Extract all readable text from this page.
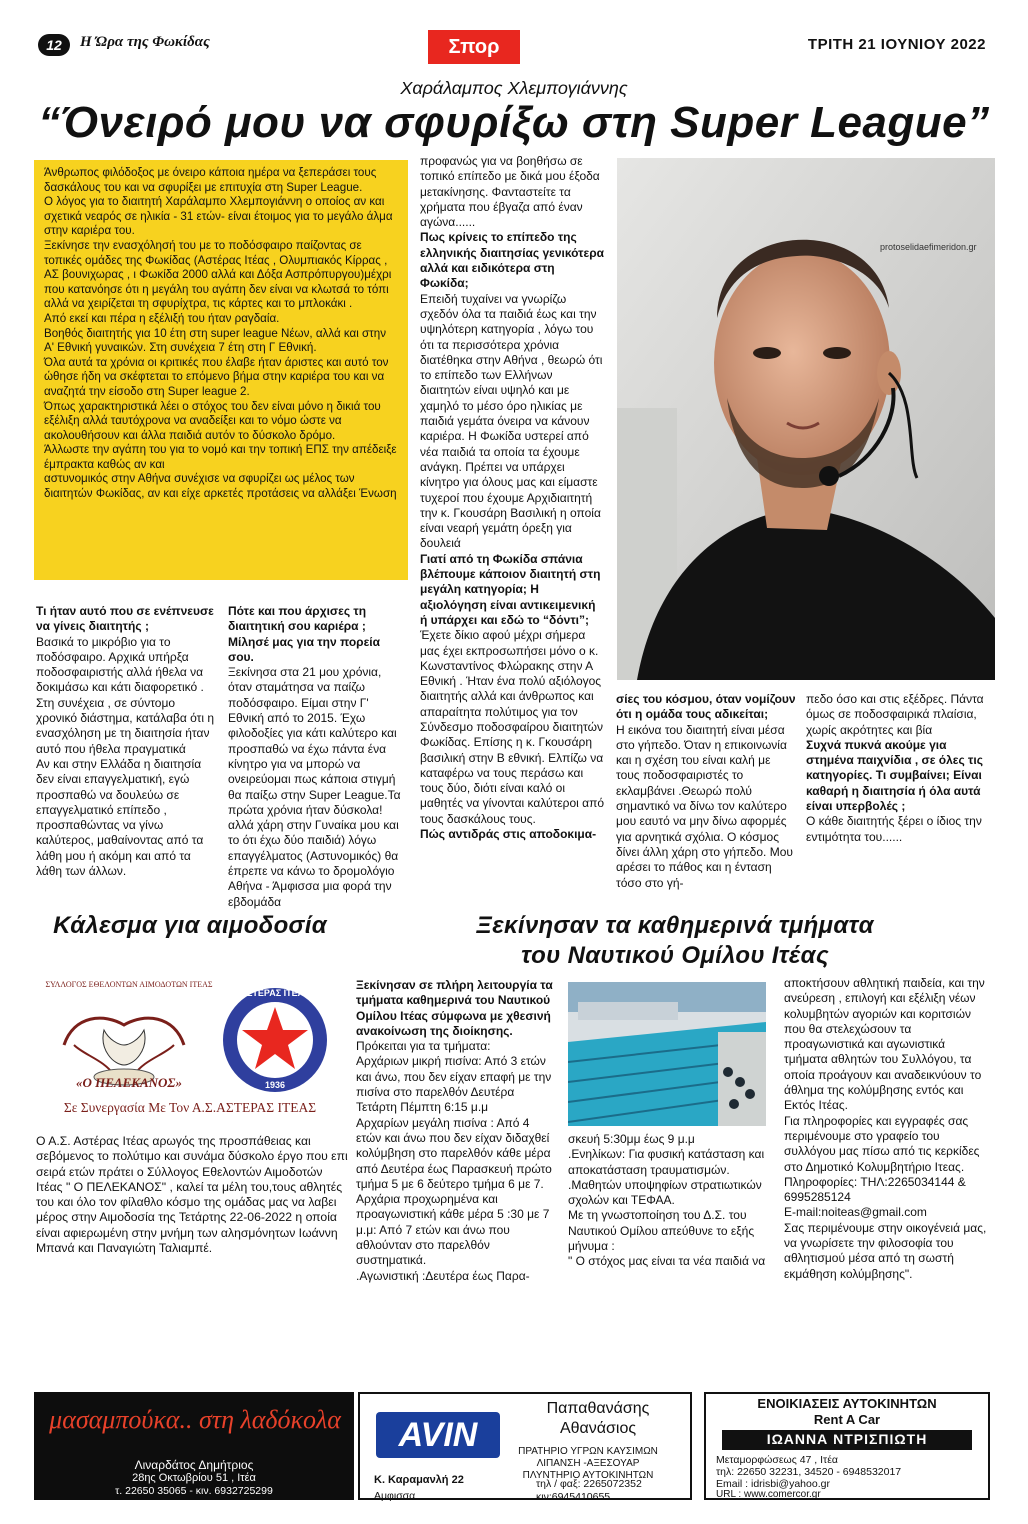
12	Η Ώρα της Φωκίδας	Σπορ	ΤΡΙΤΗ 21 ΙΟΥΝΙΟΥ 2022
Χαράλαμπος Χλεμπογιάννης
“Όνειρό μου να σφυρίξω στη Super League”

Άνθρωπος φιλόδοξος με όνειρο κάποια ημέρα να ξεπεράσει τους δασκάλους του και να σφυρίξει με επιτυχία στη Super League.

Ο λόγος για το διαιτητή Χαράλαμπο Χλεμπογιάννη ο οποίος αν και σχετικά νεαρός σε ηλικία - 31 ετών- είναι έτοιμος για το μεγάλο άλμα στην καριέρα του.

Ξεκίνησε την ενασχόλησή του με το ποδόσφαιρο παίζοντας σε τοπικές ομάδες της Φωκίδας (Αστέρας Ιτέας , Ολυμπιακός Κίρρας , ΑΣ βουνιχωρας , ι Φωκίδα 2000 αλλά και Δόξα Ασπρόπυργου)μέχρι που κατανόησε ότι η μεγάλη του αγάπη δεν είναι να κλωτσά το τόπι αλλά να χειρίζεται τη σφυρίχτρα, τις κάρτες και το μπλοκάκι .

Από εκεί και πέρα η εξέλιξή του ήταν ραγδαία.

Βοηθός διαιτητής για 10 έτη στη super league Νέων, αλλά και στην Α' Εθνική γυναικών. Στη συνέχεια 7 έτη στη Γ Εθνική.

Όλα αυτά τα χρόνια οι κριτικές που έλαβε ήταν άριστες και αυτό τον ώθησε ήδη να σκέφτεται το επόμενο βήμα στην καριέρα του και να αναζητά την είσοδο στη Super league 2.

Όπως χαρακτηριστικά λέει ο στόχος του δεν είναι μόνο η δικιά του εξέλιξη αλλά ταυτόχρονα να αναδείξει και το νόμο ώστε να ακολουθήσουν και άλλα παιδιά αυτόν το δύσκολο δρόμο.

Άλλωστε την αγάπη του για το νομό και την τοπική ΕΠΣ την απέδειξε έμπρακτα καθώς αν και

αστυνομικός στην Αθήνα συνέχισε να σφυρίζει ως μέλος των διαιτητών Φωκίδας, αν και είχε αρκετές προτάσεις να αλλάξει Ένωση

Τι ήταν αυτό που σε ενέπνευσε να γίνεις διαιτητής ;

Βασικά το μικρόβιο για το ποδόσφαιρο. Αρχικά υπήρξα ποδοσφαιριστής αλλά ήθελα να δοκιμάσω και κάτι διαφορετικό . Στη συνέχεια , σε σύντομο χρονικό διάστημα, κατάλαβα ότι η ενασχόληση με τη διαιτησία ήταν αυτό που ήθελα πραγματικά

Αν και στην Ελλάδα η διαιτησία δεν είναι επαγγελματική, εγώ προσπαθώ να δουλεύω σε επαγγελματικό επίπεδο , προσπαθώντας να γίνω καλύτερος, μαθαίνοντας από τα λάθη μου ή ακόμη και από τα λάθη των άλλων.

Πότε και που άρχισες τη διαιτητική σου καριέρα ; Μίλησέ μας για την πορεία σου.

Ξεκίνησα στα 21 μου χρόνια, όταν σταμάτησα να παίζω ποδόσφαιρο. Είμαι στην Γ' Εθνική από το 2015. Έχω φιλοδοξίες για κάτι καλύτερο και προσπαθώ να έχω πάντα ένα κίνητρο για να μπορώ να ονειρεύομαι πως κάποια στιγμή θα παίξω στην Super League.Τα πρώτα χρόνια ήταν δύσκολα! αλλά χάρη στην Γυναίκα μου και το ότι έχω δύο παιδιά) λόγω επαγγέλματος (Αστυνομικός) θα έπρεπε να κάνω το δρομολόγιο Αθήνα - Άμφισσα μια φορά την εβδομάδα

προφανώς για να βοηθήσω σε τοπικό επίπεδο με δικά μου έξοδα μετακίνησης. Φανταστείτε τα χρήματα που έβγαζα από έναν αγώνα......

Πως κρίνεις το επίπεδο της ελληνικής διαιτησίας γενικότερα αλλά και ειδικότερα στη Φωκίδα;

Επειδή τυχαίνει να γνωρίζω σχεδόν όλα τα παιδιά έως και την υψηλότερη κατηγορία , λόγω του ότι τα περισσότερα χρόνια διατέθηκα στην Αθήνα , θεωρώ ότι το επίπεδο των Ελλήνων διαιτητών είναι υψηλό και με χαμηλό το μέσο όρο ηλικίας με παιδιά γεμάτα όνειρα να κάνουν καριέρα. Η Φωκίδα υστερεί από νέα παιδιά τα οποία τα έχουμε ανάγκη. Πρέπει να υπάρχει κίνητρο για όλους μας και είμαστε τυχεροί που έχουμε Αρχιδιαιτητή την κ. Γκουσάρη Βασιλική η οποία είναι νεαρή γεμάτη όρεξη για δουλειά

Γιατί από τη Φωκίδα σπάνια βλέπουμε κάποιον διαιτητή στη μεγάλη κατηγορία; Η αξιολόγηση είναι αντικειμενική ή υπάρχει και εδώ το “δόντι”;

Έχετε δίκιο αφού μέχρι σήμερα μας έχει εκπροσωπήσει μόνο ο κ. Κωνσταντίνος Φλώρακης στην Α Εθνική . Ήταν ένα πολύ αξιόλογος διαιτητής αλλά και άνθρωπος και απαραίτητα πολύτιμος για τον Σύνδεσμο ποδοσφαίρου διαιτητών Φωκίδας. Επίσης η κ. Γκουσάρη βασιλική στην Β εθνική. Ελπίζω να καταφέρω να τους περάσω και τους δύο, διότι είναι καλό οι μαθητές να γίνονται καλύτεροι από τους δασκάλους τους.

Πώς αντιδράς στις αποδοκιμα-

σίες του κόσμου, όταν νομίζουν ότι η ομάδα τους αδικείται;

Η εικόνα του διαιτητή είναι μέσα στο γήπεδο. Όταν η επικοινωνία και η σχέση του είναι καλή με τους ποδοσφαιριστές το εκλαμβάνει .Θεωρώ πολύ σημαντικό να δίνω τον καλύτερο μου εαυτό να μην δίνω αφορμές για αρνητικά σχόλια. Ο κόσμος δίνει άλλη χάρη στο γήπεδο. Μου αρέσει το πάθος και η ένταση τόσο στο γή-

πεδο όσο και στις εξέδρες. Πάντα όμως σε ποδοσφαιρικά πλαίσια, χωρίς ακρότητες και βία

Συχνά πυκνά ακούμε για στημένα παιχνίδια , σε όλες τις κατηγορίες. Τι συμβαίνει; Είναι καθαρή η διαιτησία ή όλα αυτά είναι υπερβολές ;

Ο κάθε διαιτητής ξέρει ο ίδιος την εντιμότητα του......

protoselidaefimeridon.gr
Κάλεσμα για αιμοδοσία
ΣΥΛΛΟΓΟΣ ΕΘΕΛΟΝΤΩΝ ΑΙΜΟΔΟΤΩΝ ΙΤΕΑΣ
«Ο ΠΕΛΕΚΑΝΟΣ»
ΑΣΤΕΡΑΣ ΙΤΕΑΣ
1936
Σε Συνεργασία Με Τον Α.Σ.ΑΣΤΕΡΑΣ ΙΤΕΑΣ
Ο Α.Σ. Αστέρας Ιτέας αρωγός της προσπάθειας και σεβόμενος το πολύτιμο και συνάμα δύσκολο έργο που επι σειρά ετών πράτει ο Σύλλογος Εθελοντών Αιμοδοτών Ιτέας " Ο ΠΕΛΕΚΑΝΟΣ" , καλεί τα μέλη του,τους αθλητές του και όλο τον φίλαθλο κόσμο της ομάδας μας να λαβει μέρος στην Αιμοδοσία της Τετάρτης 22-06-2022 η οποία είναι αφιερωμένη στην μνήμη των αλησμόνητων Ιωάννη Μπανά και Παναγιώτη Ταλιαμπέ.
Ξεκίνησαν τα καθημερινά τμήματα
του Ναυτικού Ομίλου Ιτέας

Ξεκίνησαν σε πλήρη λειτουργία τα τμήματα καθημερινά του Ναυτικού Ομίλου Ιτέας σύμφωνα με χθεσινή ανακοίνωση της διοίκησης.

Πρόκειται για τα τμήματα:

Αρχάριων μικρή πισίνα: Από 3 ετών και άνω, που δεν είχαν επαφή με την πισίνα στο παρελθόν Δευτέρα Τετάρτη Πέμπτη 6:15 μ.μ

Αρχαρίων μεγάλη πισίνα : Από 4 ετών και άνω που δεν είχαν διδαχθεί κολύμβηση στο παρελθόν κάθε μέρα από Δευτέρα έως Παρασκευή πρώτο τμήμα 5 με 6 δεύτερο τμήμα 6 με 7.

Αρχάρια προχωρημένα και προαγωνιστική κάθε μέρα 5 :30 με 7 μ.μ: Από 7 ετών και άνω που αθλούνταν στο παρελθόν συστηματικά.

.Αγωνιστική :Δευτέρα έως Παρα-

σκευή 5:30μμ έως 9 μ.μ

.Ενηλίκων: Για φυσική κατάσταση και αποκατάσταση τραυματισμών.

.Μαθητών υποψηφίων στρατιωτικών σχολών και ΤΕΦΑΑ.

Με τη γνωστοποίηση του Δ.Σ. του Ναυτικού Ομίλου απεύθυνε το εξής μήνυμα :

" Ο στόχος μας είναι τα νέα παιδιά να

αποκτήσουν αθλητική παιδεία, και την ανεύρεση , επιλογή και εξέλιξη νέων κολυμβητών αγοριών και κοριτσιών που θα στελεχώσουν τα προαγωνιστικά και αγωνιστικά τμήματα αθλητών του Συλλόγου, τα οποία προάγουν και αναδεικνύουν το άθλημα της κολύμβησης εντός και Εκτός Ιτέας.

Για πληροφορίες και εγγραφές σας περιμένουμε στο γραφείο του συλλόγου μας πίσω από τις κερκίδες στο Δημοτικό Κολυμβητήριο Ιτεας.

Πληροφορίες: ΤΗΛ:2265034144 & 6995285124

E-mail:noiteas@gmail.com

Σας περιμένουμε στην οικογένειά μας, να γνωρίσετε την φιλοσοφία του αθλητισμού μέσα από τη σωστή εκμάθηση κολύμβησης".

μασαμπούκα.. στη λαδόκολα
Λιναρδάτος Δημήτριος
28ης Οκτωβρίου 51 , Ιτέα
τ. 22650 35065 - κιν. 6932725299
AVIN
Παπαθανάσης
Αθανάσιος
ΠΡΑΤΗΡΙΟ ΥΓΡΩΝ ΚΑΥΣΙΜΩΝ
ΛΙΠΑΝΣΗ -ΑΞΕΣΟΥΑΡ
ΠΛΥΝΤΗΡΙΟ ΑΥΤΟΚΙΝΗΤΩΝ
Κ. Καραμανλή 22
Αμφισσα
τηλ / φαξ: 2265072352
κιν:6945410655
ΕΝΟΙΚΙΑΣΕΙΣ ΑΥΤΟΚΙΝΗΤΩΝ
Rent A Car
ΙΩΑΝΝΑ ΝΤΡΙΣΠΙΩΤΗ
Μεταμορφώσεως 47 , Ιτέα
τηλ: 22650 32231, 34520 - 6948532017
Email : idrisbi@yahoo.gr
URL : www.comercor.gr
